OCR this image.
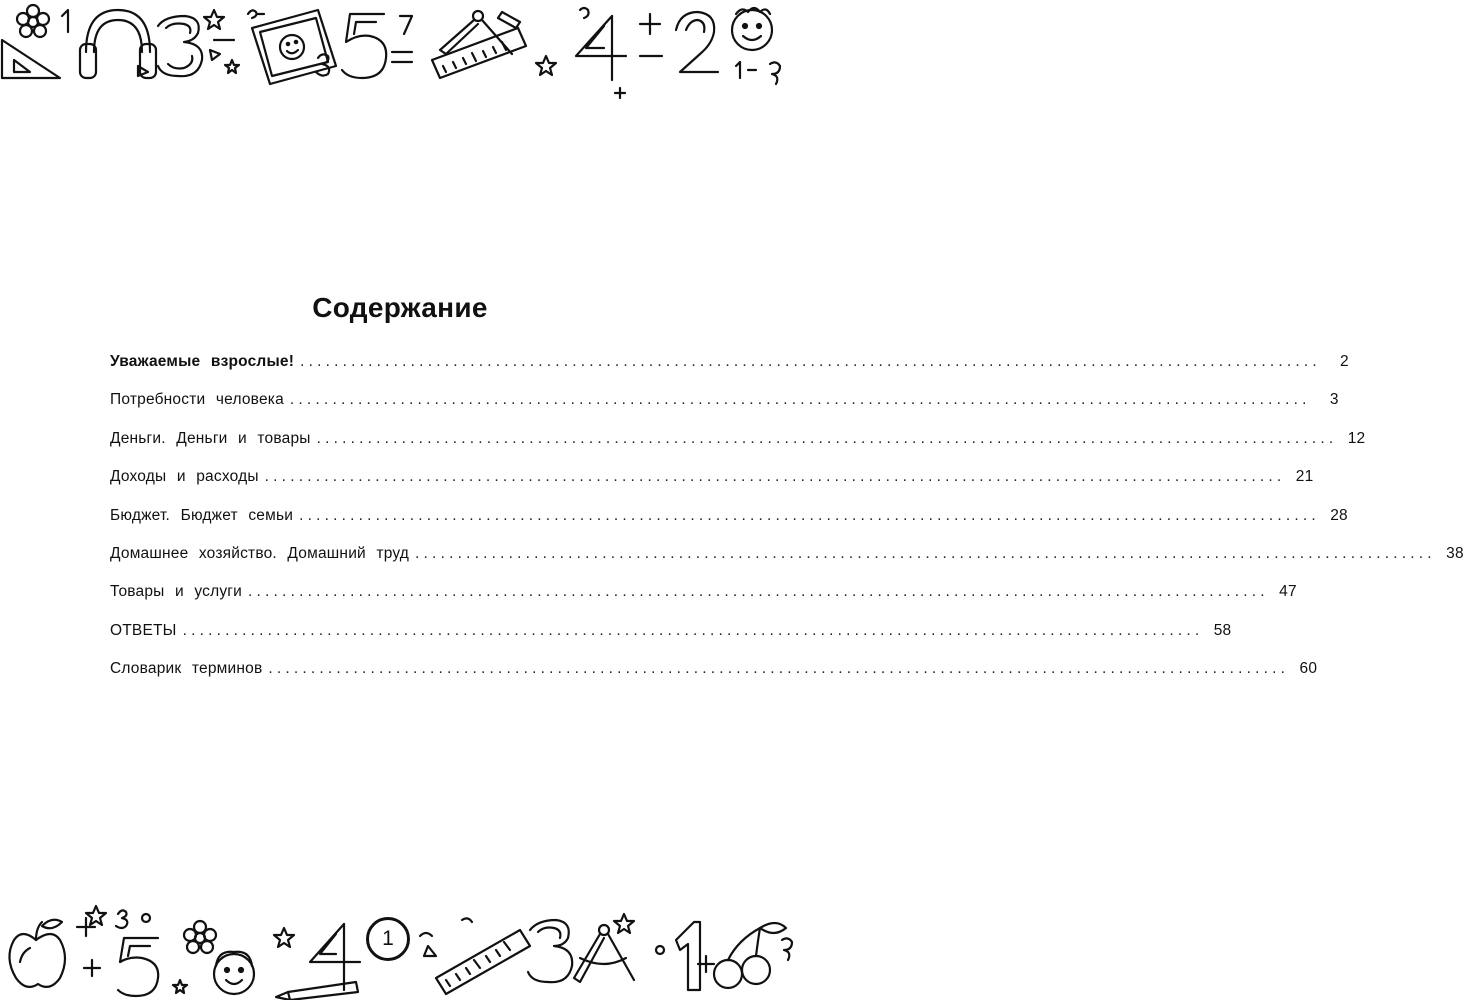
Содержание
Уважаемые взрослые! ........................................................................................................................	2
Потребности человека ........................................................................................................................	3
Деньги. Деньги и товары ........................................................................................................................ 12
Доходы и расходы ........................................................................................................................ 21
Бюджет. Бюджет семьи ........................................................................................................................ 28
Домашнее хозяйство. Домашний труд ........................................................................................................................ 38
Товары и услуги ........................................................................................................................ 47
ОТВЕТЫ ........................................................................................................................ 58
Словарик терминов ........................................................................................................................ 60
1
